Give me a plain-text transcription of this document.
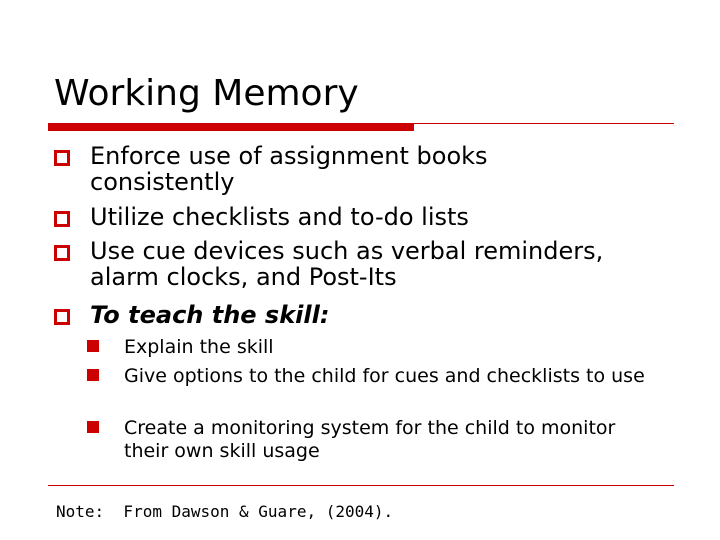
Working Memory
Enforce use of assignment books consistently
Utilize checklists and to-do lists
Use cue devices such as verbal reminders, alarm clocks, and Post-Its
To teach the skill:
Explain the skill
Give options to the child for cues and checklists to use
Create a monitoring system for the child to monitor their own skill usage
Note:  From Dawson & Guare, (2004).
